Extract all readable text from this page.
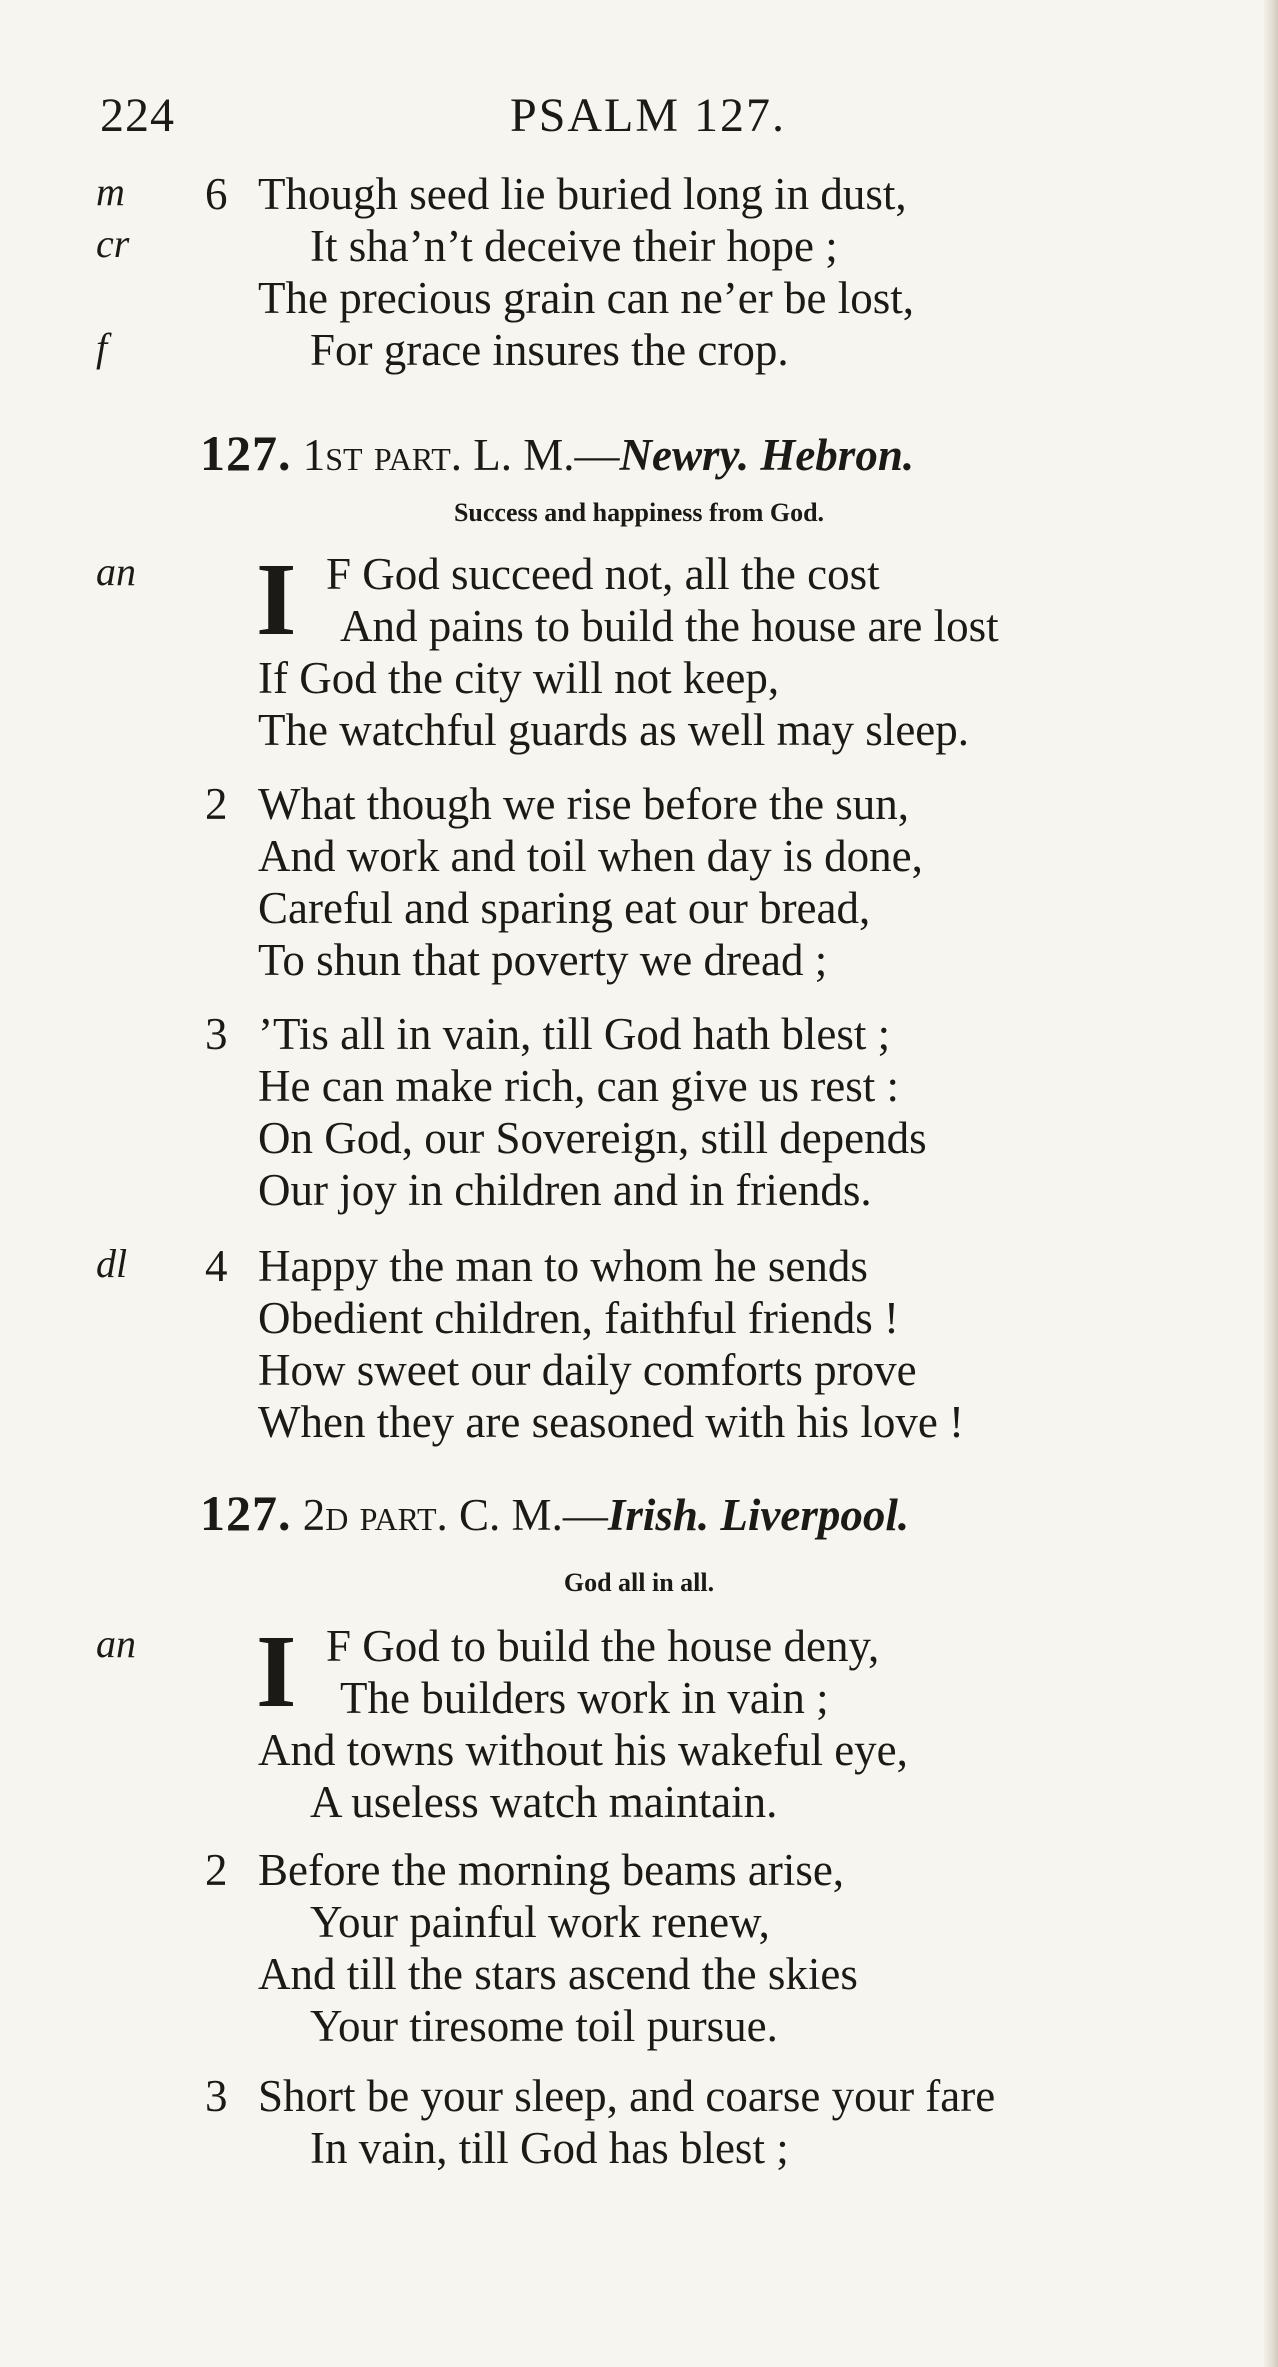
224	PSALM 127.
m 6 Though seed lie buried long in dust,
cr	It sha’n’t deceive their hope ;
The precious grain can ne’er be lost,
f	For grace insures the crop.
127. 1st part. L. M.—Newry. Hebron.
Success and happiness from God.
an I F God succeed not, all the cost
And pains to build the house are lost
If God the city will not keep,
The watchful guards as well may sleep.
2 What though we rise before the sun,
And work and toil when day is done,
Careful and sparing eat our bread,
To shun that poverty we dread ;
3 ’Tis all in vain, till God hath blest ;
He can make rich, can give us rest :
On God, our Sovereign, still depends
Our joy in children and in friends.
dl 4 Happy the man to whom he sends
Obedient children, faithful friends !
How sweet our daily comforts prove
When they are seasoned with his love !
127. 2d part. C. M.—Irish. Liverpool.
God all in all.
an I F God to build the house deny,
The builders work in vain ;
And towns without his wakeful eye,
A useless watch maintain.
2 Before the morning beams arise,
Your painful work renew,
And till the stars ascend the skies
Your tiresome toil pursue.
3 Short be your sleep, and coarse your fare
In vain, till God has blest ;
